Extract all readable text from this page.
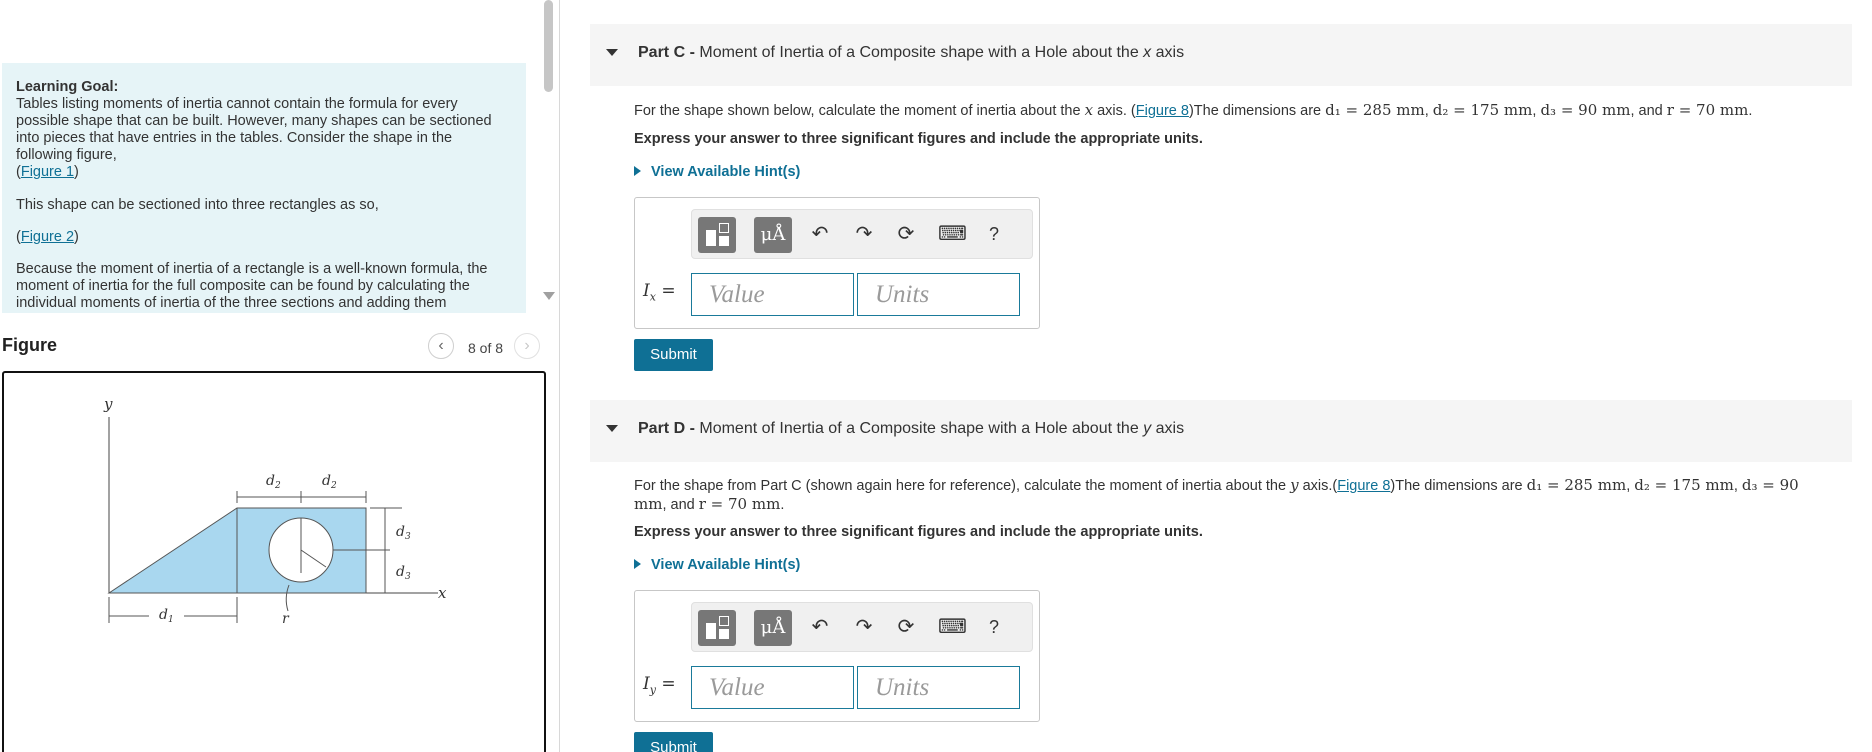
Learning Goal:

Tables listing moments of inertia cannot contain the formula for every possible shape that can be built. However, many shapes can be sectioned into pieces that have entries in the tables. Consider the shape in the following figure,
(Figure 1)

This shape can be sectioned into three rectangles as so,

(Figure 2)

Because the moment of inertia of a rectangle is a well-known formula, the moment of inertia for the full composite can be found by calculating the individual moments of inertia of the three sections and adding them

Figure	‹	8 of 8	›
y
x
$d_2$	$d_2$
$d_3$
$d_3$
$d_1$	r
Part C - Moment of Inertia of a Composite shape with a Hole about the x axis
For the shape shown below, calculate the moment of inertia about the x axis. (Figure 8)The dimensions are d₁ = 285 mm, d₂ = 175 mm, d₃ = 90 mm, and r = 70 mm.
Express your answer to three significant figures and include the appropriate units.
View Available Hint(s)
μÅ	↶ ↷ ⟳ ⌨	?
$I_x$ =	Value	Units
Submit
Part D - Moment of Inertia of a Composite shape with a Hole about the y axis
For the shape from Part C (shown again here for reference), calculate the moment of inertia about the y axis.(Figure 8)The dimensions are d₁ = 285 mm, d₂ = 175 mm, d₃ = 90 mm, and r = 70 mm.
Express your answer to three significant figures and include the appropriate units.
View Available Hint(s)
μÅ	↶ ↷ ⟳ ⌨	?
$I_y$ =	Value	Units
Submit
